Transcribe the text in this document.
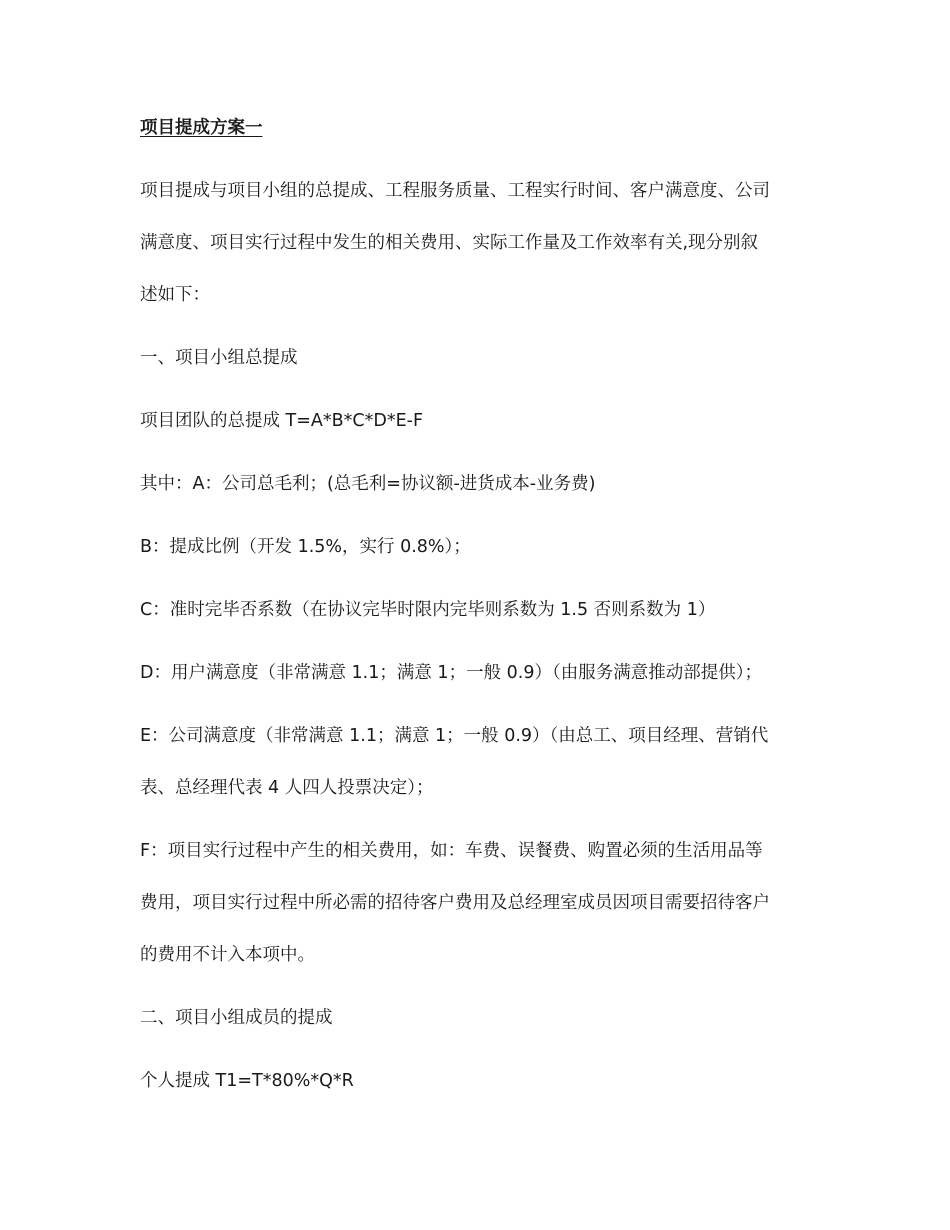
项目提成方案一
项目提成与项目小组的总提成、工程服务质量、工程实行时间、客户满意度、公司
满意度、项目实行过程中发生的相关费用、实际工作量及工作效率有关,现分别叙
述如下：
一、项目小组总提成
项目团队的总提成 T=A*B*C*D*E-F
其中：A：公司总毛利；(总毛利=协议额-进货成本-业务费)
B：提成比例（开发 1.5%，实行 0.8%）；
C：准时完毕否系数（在协议完毕时限内完毕则系数为 1.5 否则系数为 1）
D：用户满意度（非常满意 1.1；满意 1；一般 0.9）（由服务满意推动部提供）；
E：公司满意度（非常满意 1.1；满意 1；一般 0.9）（由总工、项目经理、营销代
表、总经理代表 4 人四人投票决定）；
F：项目实行过程中产生的相关费用，如：车费、误餐费、购置必须的生活用品等
费用，项目实行过程中所必需的招待客户费用及总经理室成员因项目需要招待客户
的费用不计入本项中。
二、项目小组成员的提成
个人提成 T1=T*80%*Q*R
